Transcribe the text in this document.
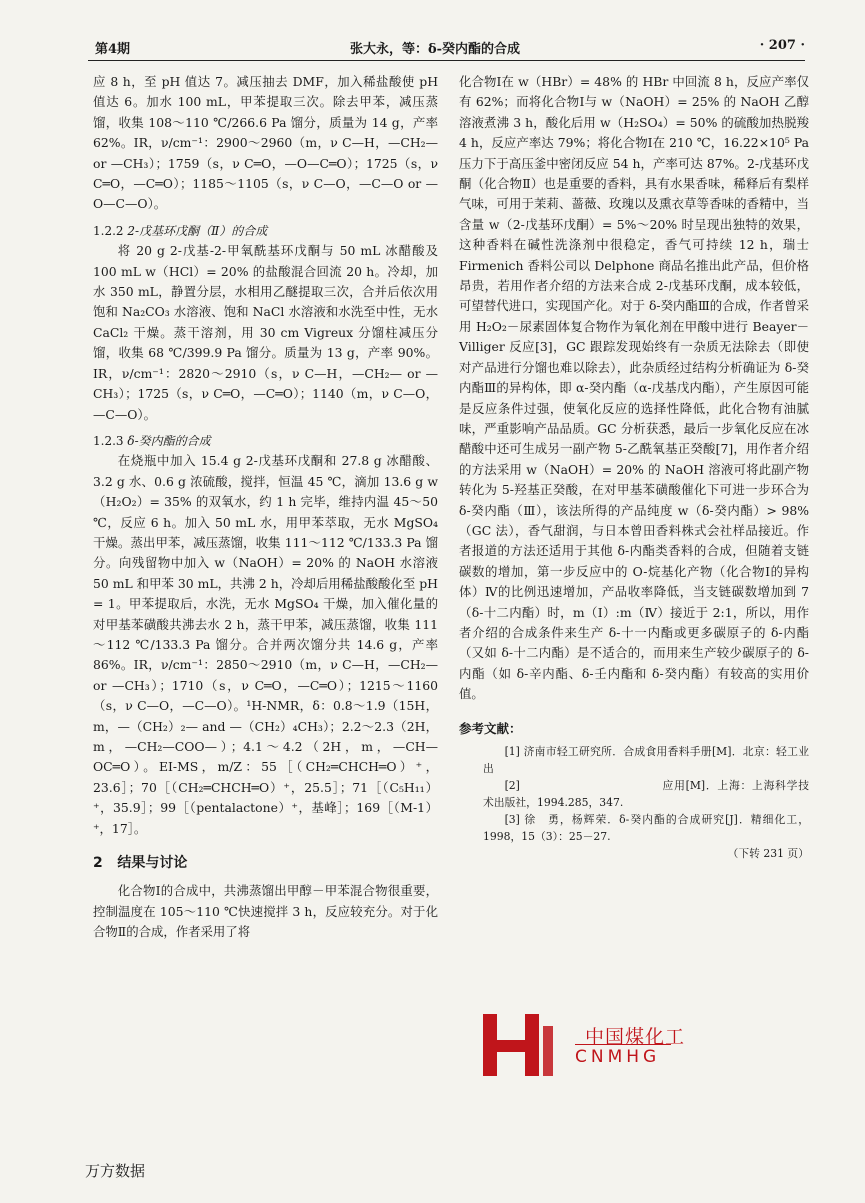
第4期	张大永，等：δ-癸内酯的合成	· 207 ·

应 8 h，至 pH 值达 7。减压抽去 DMF，加入稀盐酸使 pH 值达 6。加水 100 mL，甲苯提取三次。除去甲苯，减压蒸馏，收集 108～110 ℃/266.6 Pa 馏分，质量为 14 g，产率 62%。IR，ν/cm⁻¹：2900～2960（m，ν C—H，—CH₂— or —CH₃）；1759（s，ν C═O，—O—C═O）；1725（s，ν C═O，—C═O）；1185～1105（s，ν C—O，—C—O or —O—C—O）。

1.2.2 2-戊基环戊酮（Ⅱ）的合成

将 20 g 2-戊基-2-甲氧酰基环戊酮与 50 mL 冰醋酸及 100 mL w（HCl）= 20% 的盐酸混合回流 20 h。冷却，加水 350 mL，静置分层，水相用乙醚提取三次，合并后依次用饱和 Na₂CO₃ 水溶液、饱和 NaCl 水溶液和水洗至中性，无水 CaCl₂ 干燥。蒸干溶剂，用 30 cm Vigreux 分馏柱减压分馏，收集 68 ℃/399.9 Pa 馏分。质量为 13 g，产率 90%。IR，ν/cm⁻¹：2820～2910（s，ν C—H，—CH₂— or —CH₃）；1725（s，ν C═O，—C═O）；1140（m，ν C—O，—C—O）。

1.2.3 δ-癸内酯的合成

在烧瓶中加入 15.4 g 2-戊基环戊酮和 27.8 g 冰醋酸、3.2 g 水、0.6 g 浓硫酸，搅拌，恒温 45 ℃，滴加 13.6 g w（H₂O₂）= 35% 的双氧水，约 1 h 完毕，维持内温 45～50 ℃，反应 6 h。加入 50 mL 水，用甲苯萃取，无水 MgSO₄ 干燥。蒸出甲苯，减压蒸馏，收集 111～112 ℃/133.3 Pa 馏分。向残留物中加入 w（NaOH）= 20% 的 NaOH 水溶液 50 mL 和甲苯 30 mL，共沸 2 h，冷却后用稀盐酸酸化至 pH = 1。甲苯提取后，水洗，无水 MgSO₄ 干燥，加入催化量的对甲基苯磺酸共沸去水 2 h，蒸干甲苯，减压蒸馏，收集 111～112 ℃/133.3 Pa 馏分。合并两次馏分共 14.6 g，产率 86%。IR，ν/cm⁻¹：2850～2910（m，ν C—H，—CH₂— or —CH₃）；1710（s，ν C═O，—C═O）；1215～1160（s，ν C—O，—C—O）。¹H-NMR，δ：0.8～1.9（15H，m，—（CH₂）₂— and —（CH₂）₄CH₃）；2.2～2.3（2H，m，—CH₂—COO—）；4.1～4.2（2H，m，—CH—OC═O）。EI-MS，m/Z：55［（CH₂═CHCH═O）⁺，23.6］；70［（CH₂═CHCH═O）⁺，25.5］；71［（C₅H₁₁）⁺，35.9］；99［（pentalactone）⁺，基峰］；169［（M-1）⁺，17］。

2 结果与讨论

化合物Ⅰ的合成中，共沸蒸馏出甲醇－甲苯混合物很重要，控制温度在 105～110 ℃快速搅拌 3 h，反应较充分。对于化合物Ⅱ的合成，作者采用了将

化合物Ⅰ在 w（HBr）= 48% 的 HBr 中回流 8 h，反应产率仅有 62%；而将化合物Ⅰ与 w（NaOH）= 25% 的 NaOH 乙醇溶液煮沸 3 h，酸化后用 w（H₂SO₄）= 50% 的硫酸加热脱羧 4 h，反应产率达 79%；将化合物Ⅰ在 210 ℃，16.22×10⁵ Pa 压力下于高压釜中密闭反应 54 h，产率可达 87%。2-戊基环戊酮（化合物Ⅱ）也是重要的香料，具有水果香味，稀释后有梨样气味，可用于茉莉、蔷薇、玫瑰以及熏衣草等香味的香精中，当含量 w（2-戊基环戊酮）= 5%～20% 时呈现出独特的效果，这种香料在碱性洗涤剂中很稳定，香气可持续 12 h，瑞士 Firmenich 香料公司以 Delphone 商品名推出此产品，但价格昂贵，若用作者介绍的方法来合成 2-戊基环戊酮，成本较低，可望替代进口，实现国产化。对于 δ-癸内酯Ⅲ的合成，作者曾采用 H₂O₂－尿素固体复合物作为氧化剂在甲酸中进行 Beayer－Villiger 反应[3]，GC 跟踪发现始终有一杂质无法除去（即使对产品进行分馏也难以除去），此杂质经过结构分析确证为 δ-癸内酯Ⅲ的异构体，即 α-癸内酯（α-戊基戊内酯），产生原因可能是反应条件过强，使氧化反应的选择性降低，此化合物有油腻味，严重影响产品品质。GC 分析获悉，最后一步氧化反应在冰醋酸中还可生成另一副产物 5-乙酰氧基正癸酸[7]，用作者介绍的方法采用 w（NaOH）= 20% 的 NaOH 溶液可将此副产物转化为 5-羟基正癸酸，在对甲基苯磺酸催化下可进一步环合为 δ-癸内酯（Ⅲ），该法所得的产品纯度 w（δ-癸内酯）> 98%（GC 法），香气甜润，与日本曾田香料株式会社样品接近。作者报道的方法还适用于其他 δ-内酯类香料的合成，但随着支链碳数的增加，第一步反应中的 O-烷基化产物（化合物Ⅰ的异构体）Ⅳ的比例迅速增加，产品收率降低，当支链碳数增加到 7（δ-十二内酯）时，m（Ⅰ）:m（Ⅳ）接近于 2:1，所以，用作者介绍的合成条件来生产 δ-十一内酯或更多碳原子的 δ-内酯（又如 δ-十二内酯）是不适合的，而用来生产较少碳原子的 δ-内酯（如 δ-辛内酯、δ-壬内酯和 δ-癸内酯）有较高的实用价值。

参考文献：

[1] 济南市轻工研究所．合成食用香料手册[M]．北京：轻工业出

[2] 　　　　　　　　　　　　应用[M]．上海：上海科学技　　术出版社，1994.285，347.

[3] 徐　勇，杨辉荣．δ-癸内酯的合成研究[J]．精细化工，1998，15（3）：25－27.

（下转 231 页）

中国煤化工
CNMHG
万方数据
